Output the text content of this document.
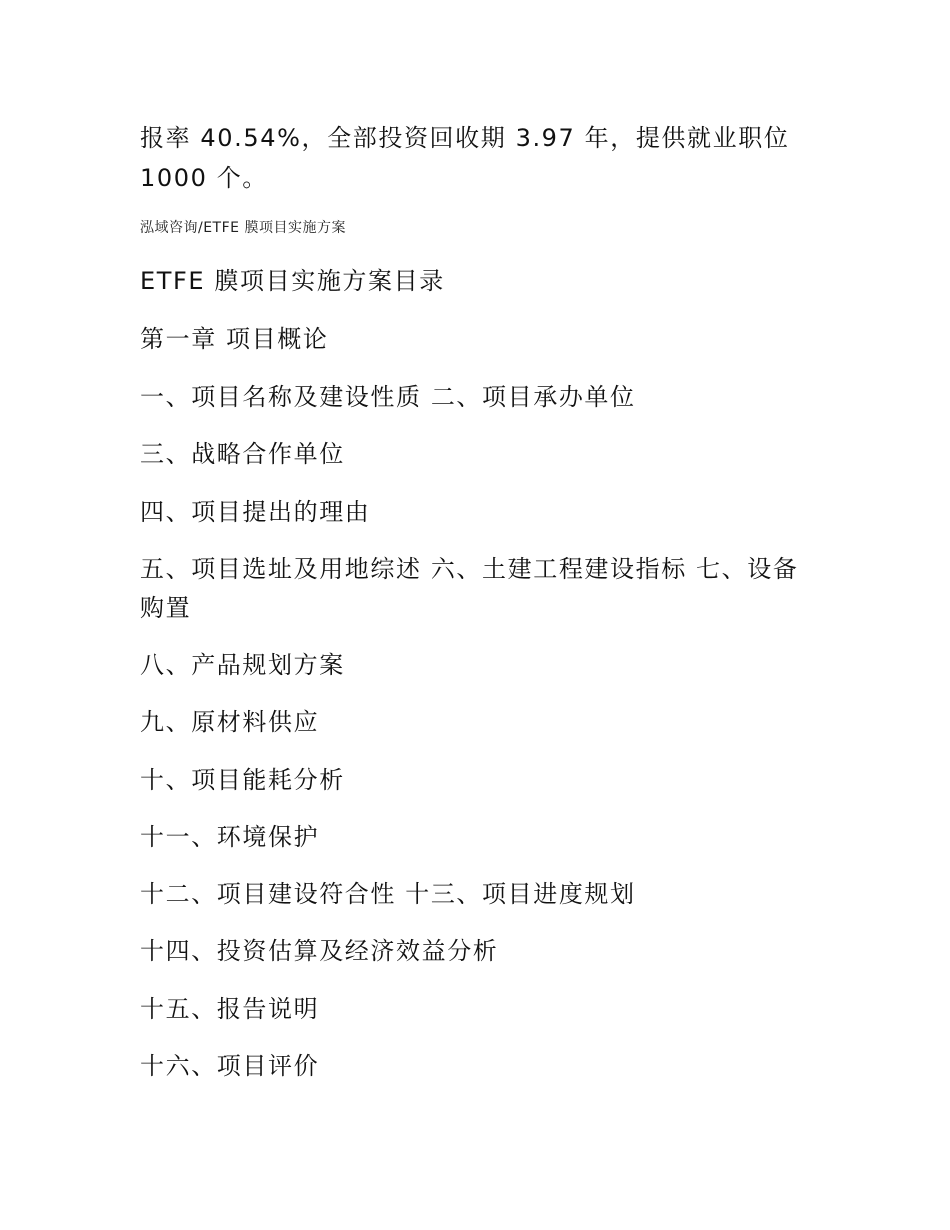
报率 40.54%，全部投资回收期 3.97 年，提供就业职位
1000 个。
泓域咨询/ETFE 膜项目实施方案
ETFE 膜项目实施方案目录
第一章 项目概论
一、项目名称及建设性质 二、项目承办单位
三、战略合作单位
四、项目提出的理由
五、项目选址及用地综述 六、土建工程建设指标 七、设备
购置
八、产品规划方案
九、原材料供应
十、项目能耗分析
十一、环境保护
十二、项目建设符合性 十三、项目进度规划
十四、投资估算及经济效益分析
十五、报告说明
十六、项目评价
